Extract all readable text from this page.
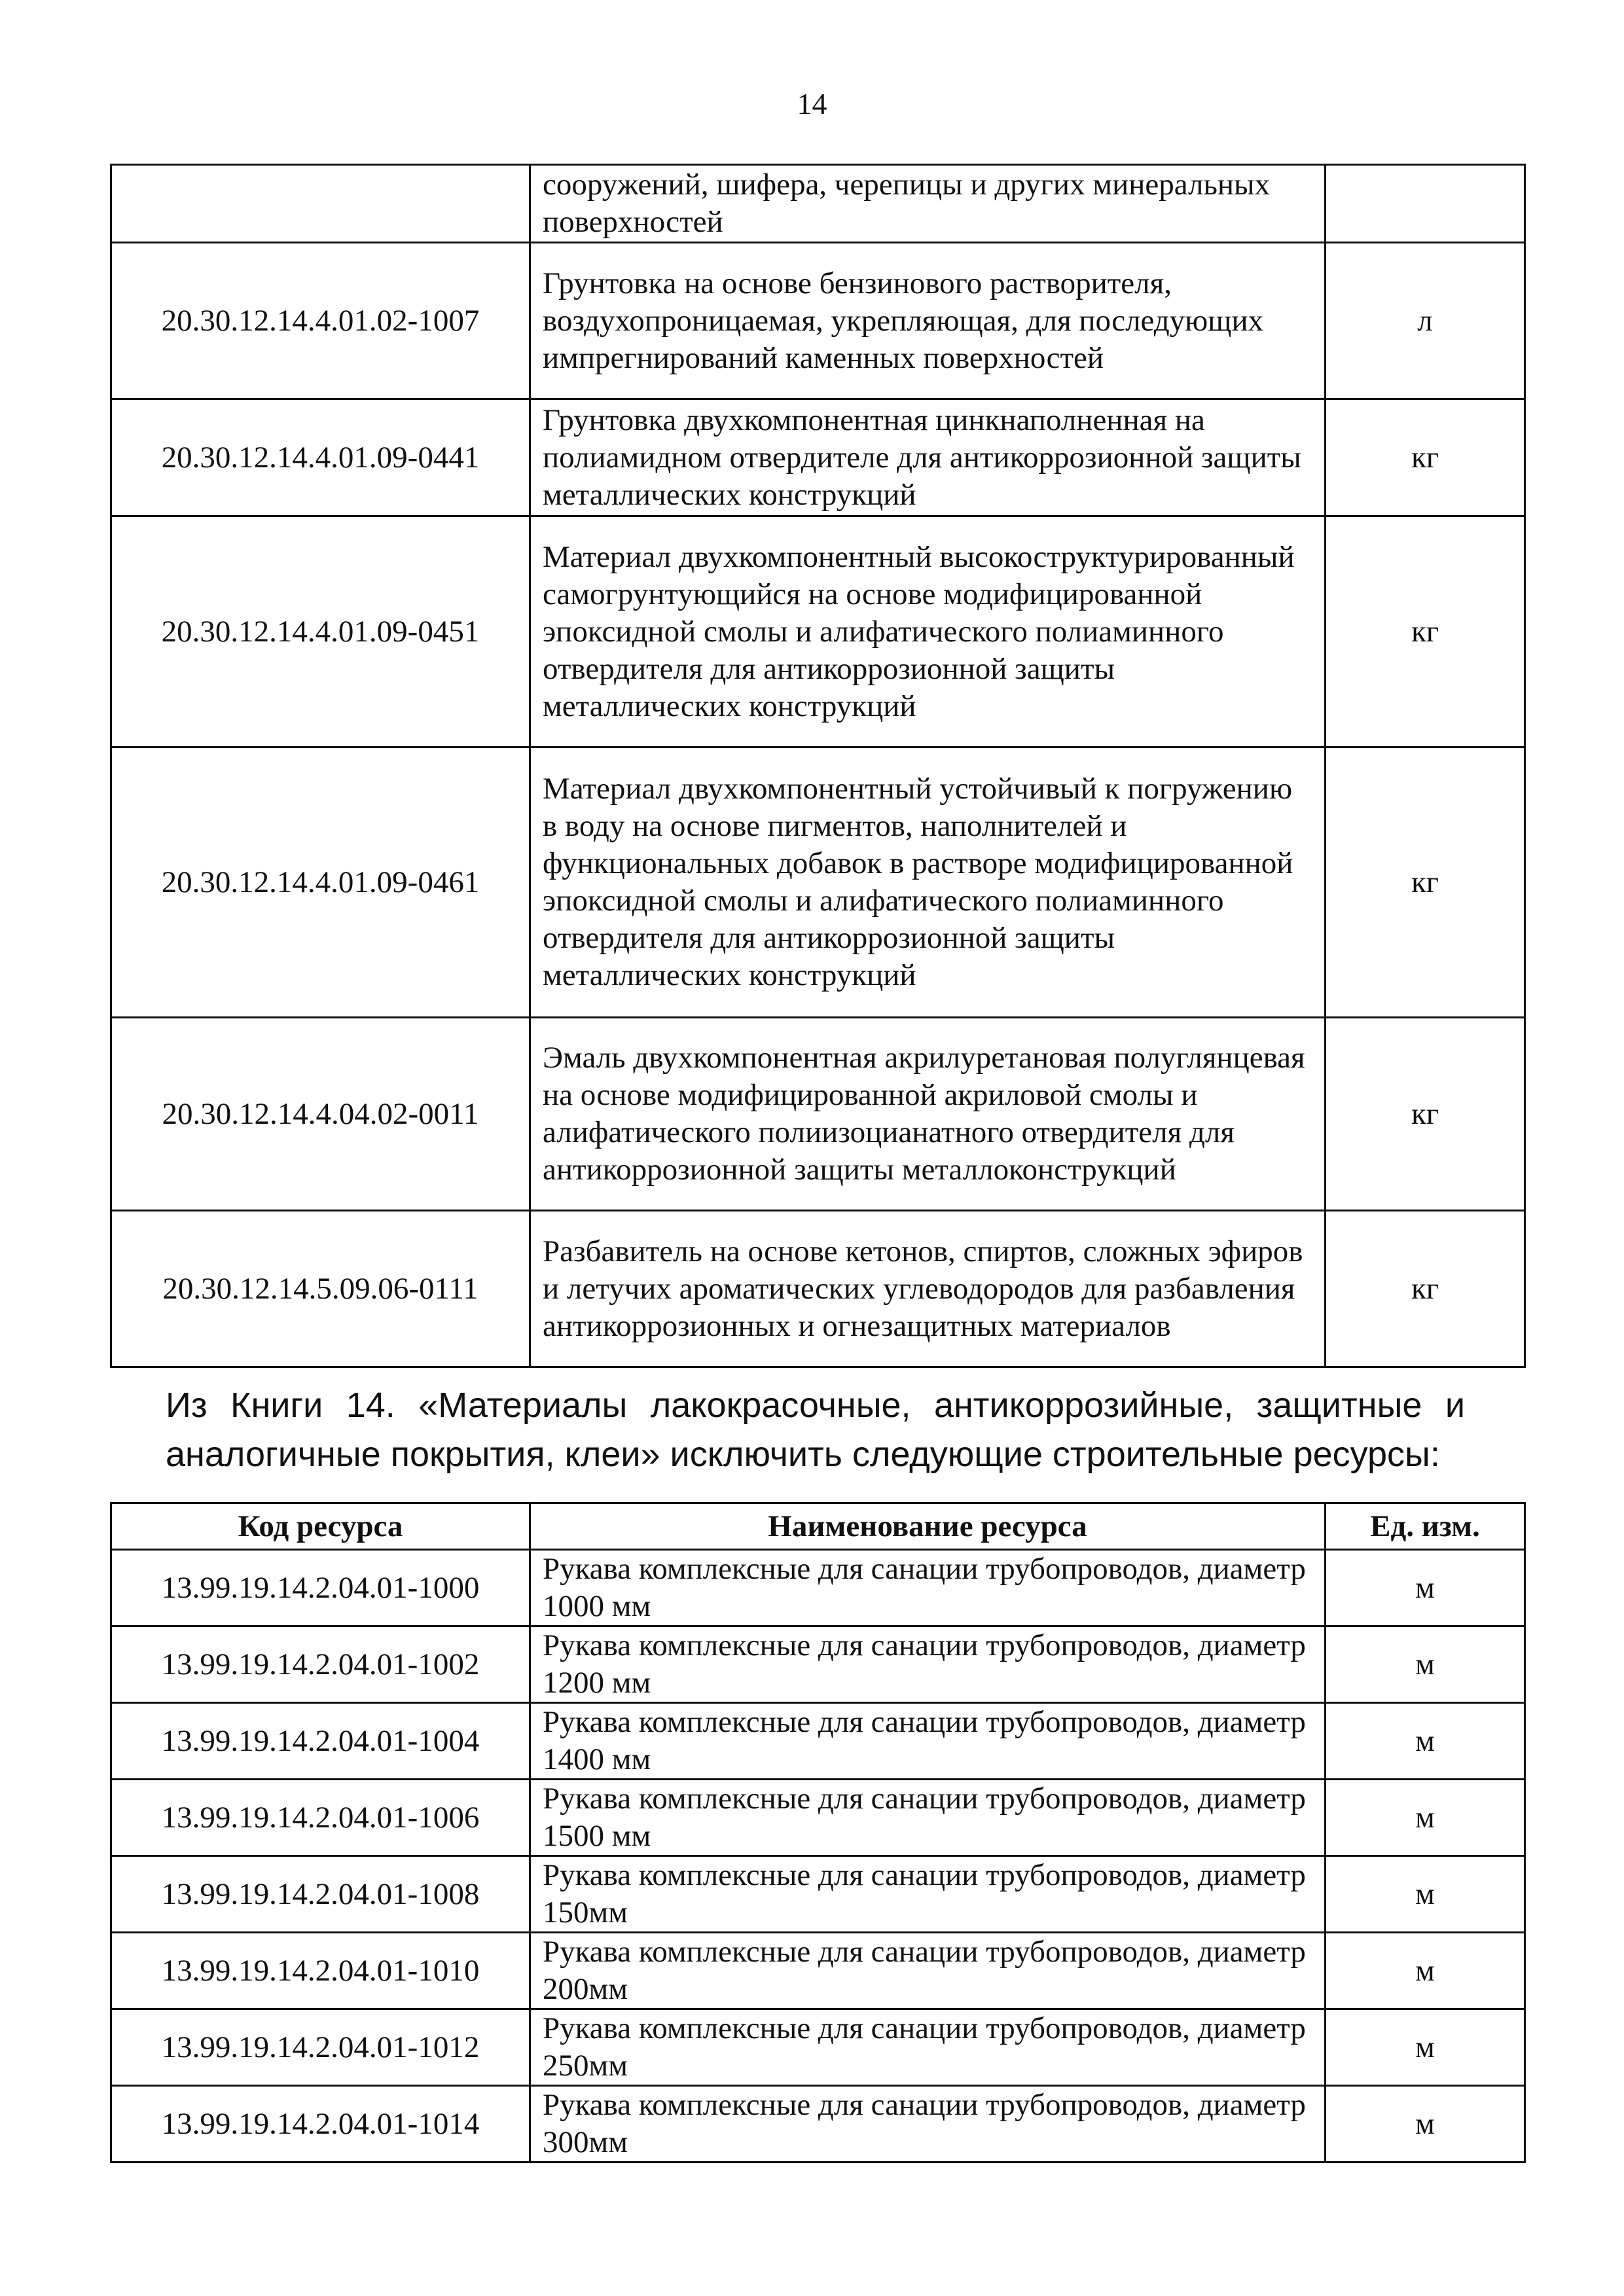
14
	сооружений, шифера, черепицы и других минеральных поверхностей	
20.30.12.14.4.01.02-1007	Грунтовка на основе бензинового растворителя, воздухопроницаемая, укрепляющая, для последующих импрегнирований каменных поверхностей	л
20.30.12.14.4.01.09-0441	Грунтовка двухкомпонентная цинкнаполненная на полиамидном отвердителе для антикоррозионной защиты металлических конструкций	кг
20.30.12.14.4.01.09-0451	Материал двухкомпонентный высокоструктурированный самогрунтующийся на основе модифицированной эпоксидной смолы и алифатического полиаминного отвердителя для антикоррозионной защиты металлических конструкций	кг
20.30.12.14.4.01.09-0461	Материал двухкомпонентный устойчивый к погружению в воду на основе пигментов, наполнителей и функциональных добавок в растворе модифицированной эпоксидной смолы и алифатического полиаминного отвердителя для антикоррозионной защиты металлических конструкций	кг
20.30.12.14.4.04.02-0011	Эмаль двухкомпонентная акрилуретановая полуглянцевая на основе модифицированной акриловой смолы и алифатического полиизоцианатного отвердителя для антикоррозионной защиты металлоконструкций	кг
20.30.12.14.5.09.06-0111	Разбавитель на основе кетонов, спиртов, сложных эфиров и летучих ароматических углеводородов для разбавления антикоррозионных и огнезащитных материалов	кг
Из Книги 14. «Материалы лакокрасочные, антикоррозийные, защитные и аналогичные покрытия, клеи» исключить следующие строительные ресурсы:
Код ресурса	Наименование ресурса	Ед. изм.
13.99.19.14.2.04.01-1000	Рукава комплексные для санации трубопроводов, диаметр 1000 мм	м
13.99.19.14.2.04.01-1002	Рукава комплексные для санации трубопроводов, диаметр 1200 мм	м
13.99.19.14.2.04.01-1004	Рукава комплексные для санации трубопроводов, диаметр 1400 мм	м
13.99.19.14.2.04.01-1006	Рукава комплексные для санации трубопроводов, диаметр 1500 мм	м
13.99.19.14.2.04.01-1008	Рукава комплексные для санации трубопроводов, диаметр 150мм	м
13.99.19.14.2.04.01-1010	Рукава комплексные для санации трубопроводов, диаметр 200мм	м
13.99.19.14.2.04.01-1012	Рукава комплексные для санации трубопроводов, диаметр 250мм	м
13.99.19.14.2.04.01-1014	Рукава комплексные для санации трубопроводов, диаметр 300мм	м
